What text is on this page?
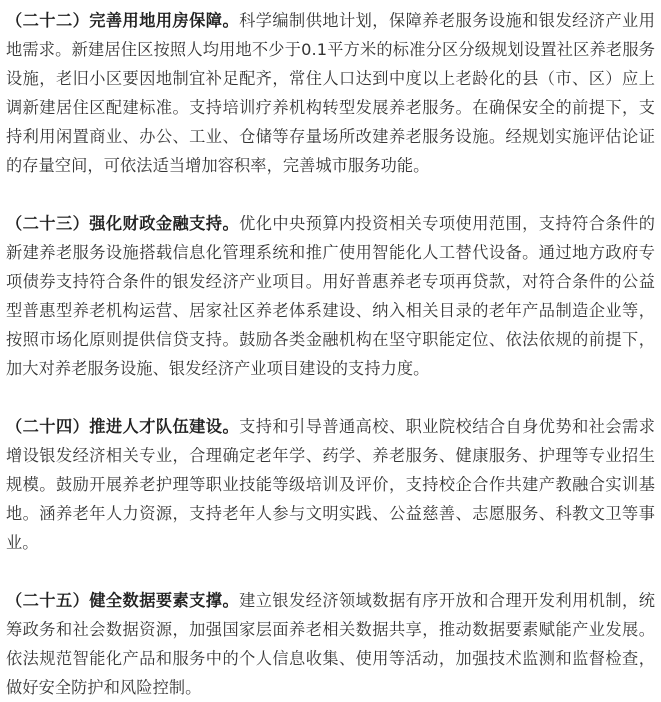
（二十二）完善用地用房保障。科学编制供地计划，保障养老服务设施和银发经济产业用地需求。新建居住区按照人均用地不少于0.1平方米的标准分区分级规划设置社区养老服务设施，老旧小区要因地制宜补足配齐，常住人口达到中度以上老龄化的县（市、区）应上调新建居住区配建标准。支持培训疗养机构转型发展养老服务。在确保安全的前提下，支持利用闲置商业、办公、工业、仓储等存量场所改建养老服务设施。经规划实施评估论证的存量空间，可依法适当增加容积率，完善城市服务功能。

（二十三）强化财政金融支持。优化中央预算内投资相关专项使用范围，支持符合条件的新建养老服务设施搭载信息化管理系统和推广使用智能化人工替代设备。通过地方政府专项债券支持符合条件的银发经济产业项目。用好普惠养老专项再贷款，对符合条件的公益型普惠型养老机构运营、居家社区养老体系建设、纳入相关目录的老年产品制造企业等，按照市场化原则提供信贷支持。鼓励各类金融机构在坚守职能定位、依法依规的前提下，加大对养老服务设施、银发经济产业项目建设的支持力度。

（二十四）推进人才队伍建设。支持和引导普通高校、职业院校结合自身优势和社会需求增设银发经济相关专业，合理确定老年学、药学、养老服务、健康服务、护理等专业招生规模。鼓励开展养老护理等职业技能等级培训及评价，支持校企合作共建产教融合实训基地。涵养老年人力资源，支持老年人参与文明实践、公益慈善、志愿服务、科教文卫等事业。

（二十五）健全数据要素支撑。建立银发经济领域数据有序开放和合理开发利用机制，统筹政务和社会数据资源，加强国家层面养老相关数据共享，推动数据要素赋能产业发展。依法规范智能化产品和服务中的个人信息收集、使用等活动，加强技术监测和监督检查，做好安全防护和风险控制。
